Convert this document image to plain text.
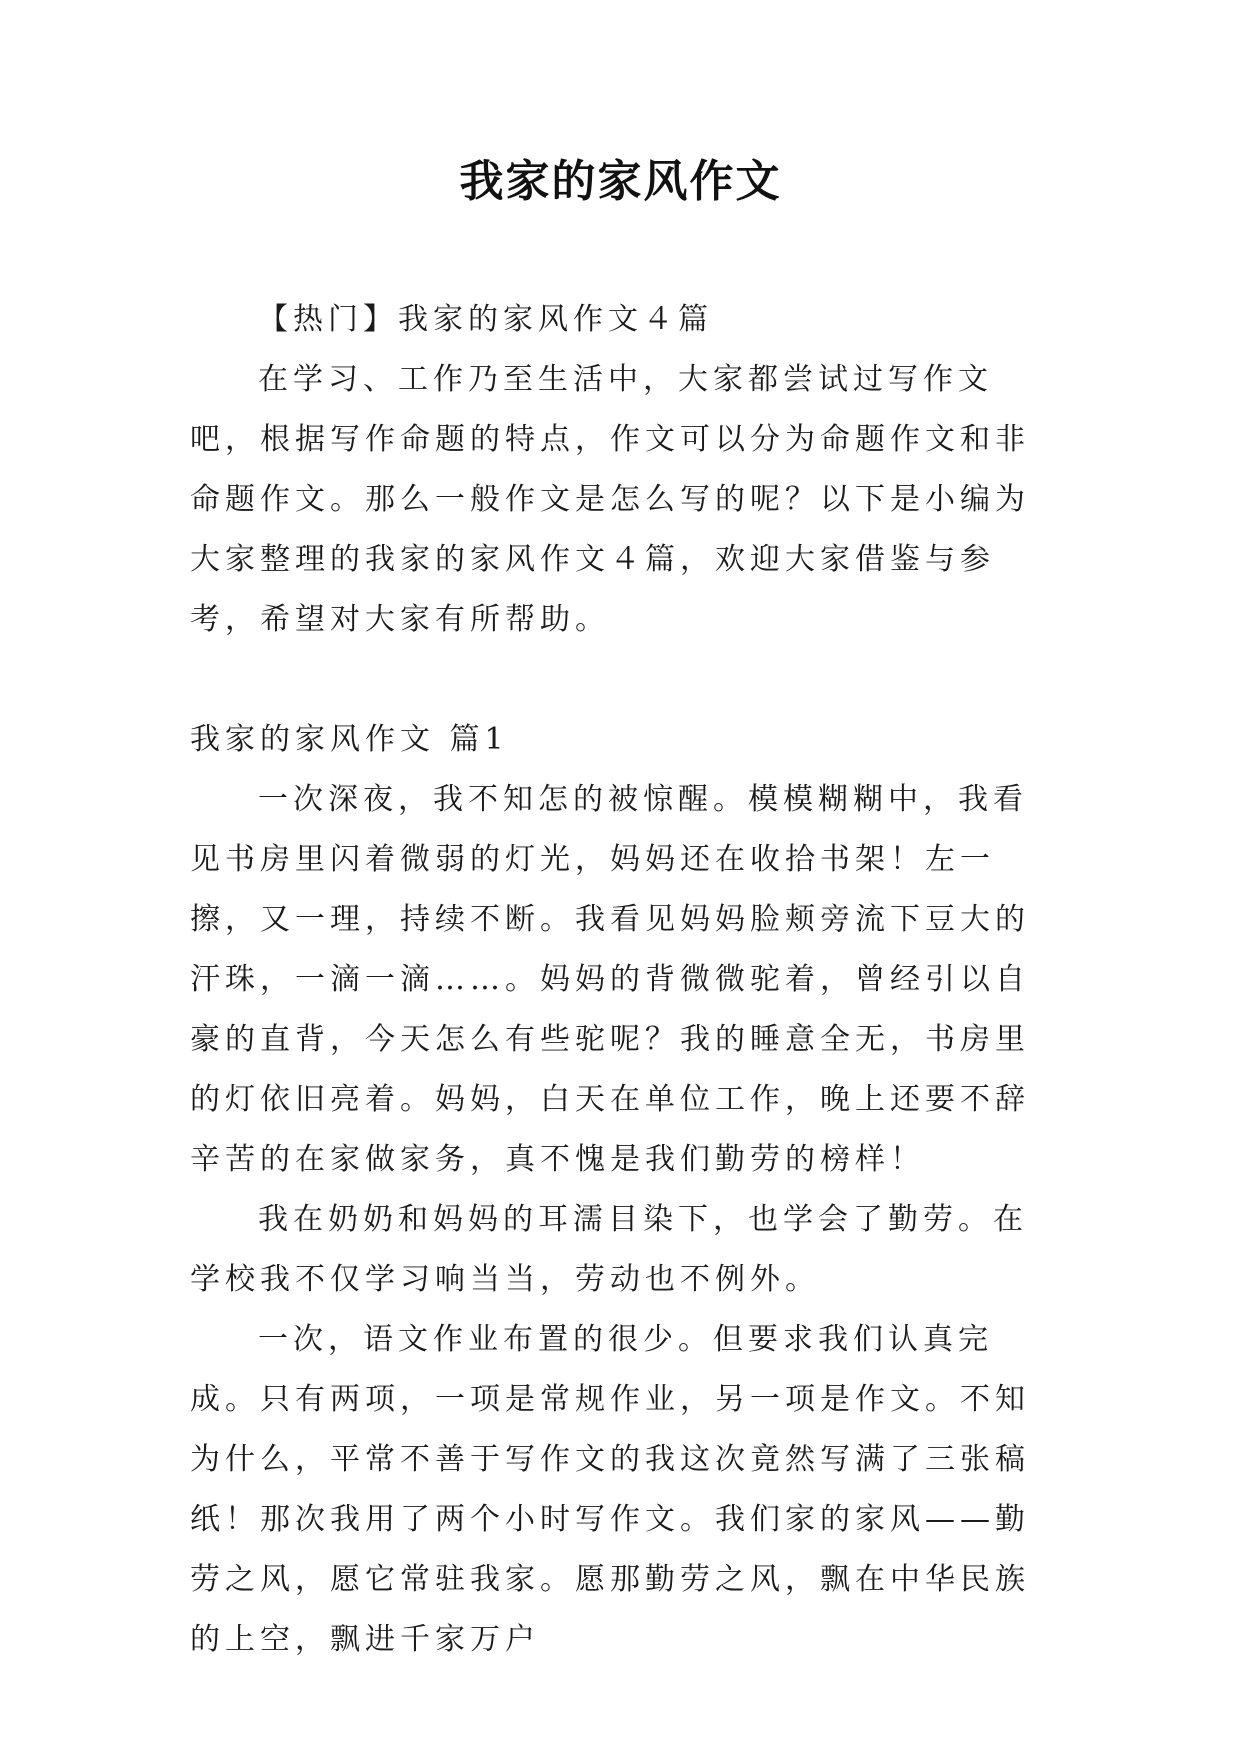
我家的家风作文

【热门】我家的家风作文４篇

在学习、工作乃至生活中，大家都尝试过写作文吧，根据写作命题的特点，作文可以分为命题作文和非命题作文。那么一般作文是怎么写的呢？以下是小编为大家整理的我家的家风作文４篇，欢迎大家借鉴与参考，希望对大家有所帮助。

我家的家风作文 篇1

一次深夜，我不知怎的被惊醒。模模糊糊中，我看见书房里闪着微弱的灯光，妈妈还在收拾书架！左一擦，又一理，持续不断。我看见妈妈脸颊旁流下豆大的汗珠，一滴一滴……。妈妈的背微微驼着，曾经引以自豪的直背，今天怎么有些驼呢？我的睡意全无，书房里的灯依旧亮着。妈妈，白天在单位工作，晚上还要不辞辛苦的在家做家务，真不愧是我们勤劳的榜样！

我在奶奶和妈妈的耳濡目染下，也学会了勤劳。在学校我不仅学习响当当，劳动也不例外。

一次，语文作业布置的很少。但要求我们认真完成。只有两项，一项是常规作业，另一项是作文。不知为什么，平常不善于写作文的我这次竟然写满了三张稿纸！那次我用了两个小时写作文。我们家的家风——勤劳之风，愿它常驻我家。愿那勤劳之风，飘在中华民族的上空，飘进千家万户
